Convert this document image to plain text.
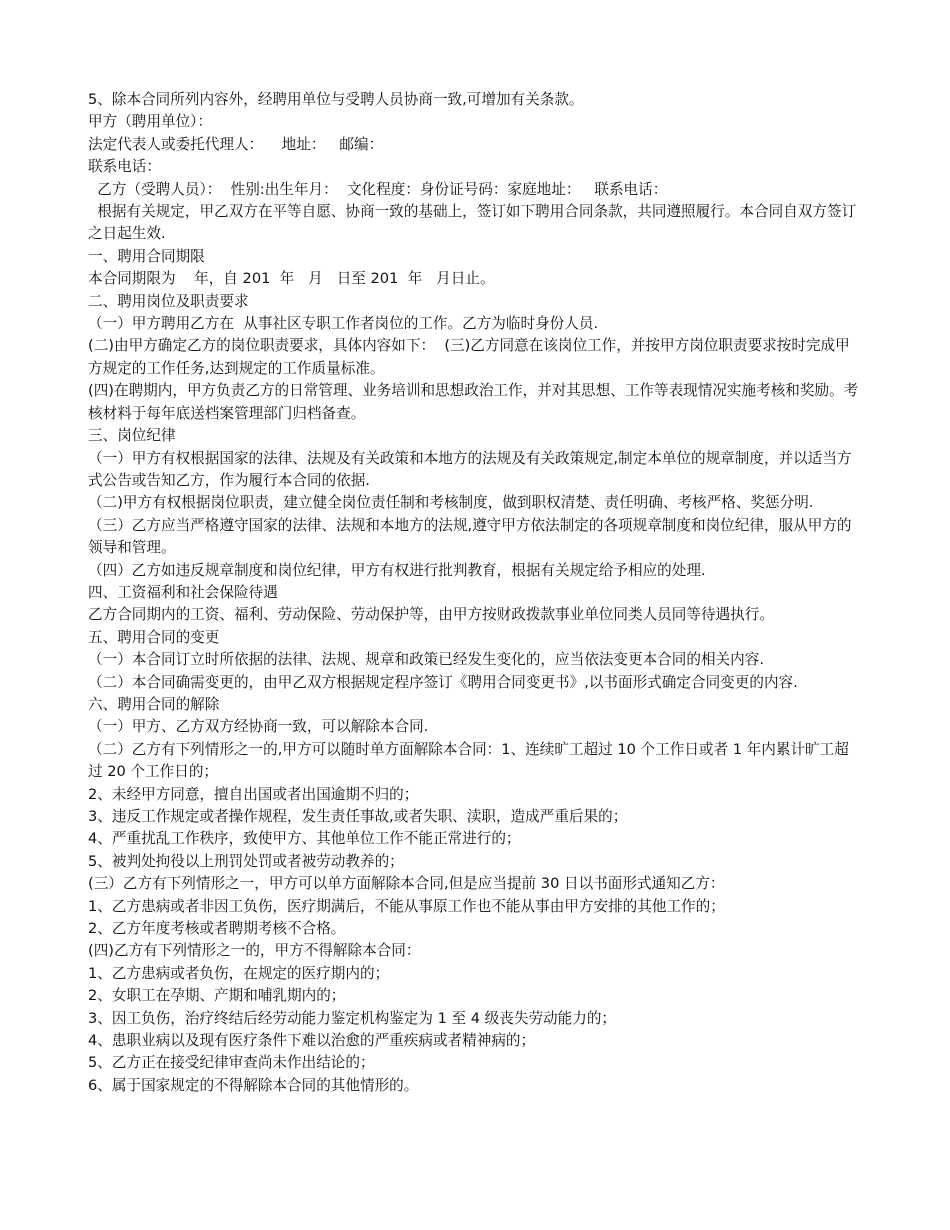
5、除本合同所列内容外，经聘用单位与受聘人员协商一致,可增加有关条款。

甲方（聘用单位）：

法定代表人或委托代理人：    地址：   邮编：

联系电话：

乙方（受聘人员）：  性别:出生年月：  文化程度：身份证号码：家庭地址：   联系电话：

根据有关规定，甲乙双方在平等自愿、协商一致的基础上，签订如下聘用合同条款，共同遵照履行。本合同自双方签订之日起生效.

一、聘用合同期限

本合同期限为    年，自 201  年   月   日至 201  年   月日止。

二、聘用岗位及职责要求

（一）甲方聘用乙方在  从事社区专职工作者岗位的工作。乙方为临时身份人员.

(二)由甲方确定乙方的岗位职责要求，具体内容如下：  (三)乙方同意在该岗位工作，并按甲方岗位职责要求按时完成甲方规定的工作任务,达到规定的工作质量标准。

(四)在聘期内，甲方负责乙方的日常管理、业务培训和思想政治工作，并对其思想、工作等表现情况实施考核和奖励。考核材料于每年底送档案管理部门归档备查。

三、岗位纪律

（一）甲方有权根据国家的法律、法规及有关政策和本地方的法规及有关政策规定,制定本单位的规章制度，并以适当方式公告或告知乙方，作为履行本合同的依据.

（二)甲方有权根据岗位职责，建立健全岗位责任制和考核制度，做到职权清楚、责任明确、考核严格、奖惩分明.

（三）乙方应当严格遵守国家的法律、法规和本地方的法规,遵守甲方依法制定的各项规章制度和岗位纪律，服从甲方的领导和管理。

（四）乙方如违反规章制度和岗位纪律，甲方有权进行批判教育，根据有关规定给予相应的处理.

四、工资福利和社会保险待遇

乙方合同期内的工资、福利、劳动保险、劳动保护等，由甲方按财政拨款事业单位同类人员同等待遇执行。

五、聘用合同的变更

（一）本合同订立时所依据的法律、法规、规章和政策已经发生变化的，应当依法变更本合同的相关内容.

（二）本合同确需变更的，由甲乙双方根据规定程序签订《聘用合同变更书》,以书面形式确定合同变更的内容.

六、聘用合同的解除

（一）甲方、乙方双方经协商一致，可以解除本合同.

（二）乙方有下列情形之一的,甲方可以随时单方面解除本合同：1、连续旷工超过 10 个工作日或者 1 年内累计旷工超过 20 个工作日的；

2、未经甲方同意，擅自出国或者出国逾期不归的；

3、违反工作规定或者操作规程，发生责任事故,或者失职、渎职，造成严重后果的；

4、严重扰乱工作秩序，致使甲方、其他单位工作不能正常进行的；

5、被判处拘役以上刑罚处罚或者被劳动教养的；

(三）乙方有下列情形之一，甲方可以单方面解除本合同,但是应当提前 30 日以书面形式通知乙方：

1、乙方患病或者非因工负伤，医疗期满后，不能从事原工作也不能从事由甲方安排的其他工作的；

2、乙方年度考核或者聘期考核不合格。

(四)乙方有下列情形之一的，甲方不得解除本合同：

1、乙方患病或者负伤，在规定的医疗期内的；

2、女职工在孕期、产期和哺乳期内的；

3、因工负伤，治疗终结后经劳动能力鉴定机构鉴定为 1 至 4 级丧失劳动能力的；

4、患职业病以及现有医疗条件下难以治愈的严重疾病或者精神病的；

5、乙方正在接受纪律审查尚未作出结论的；

6、属于国家规定的不得解除本合同的其他情形的。
